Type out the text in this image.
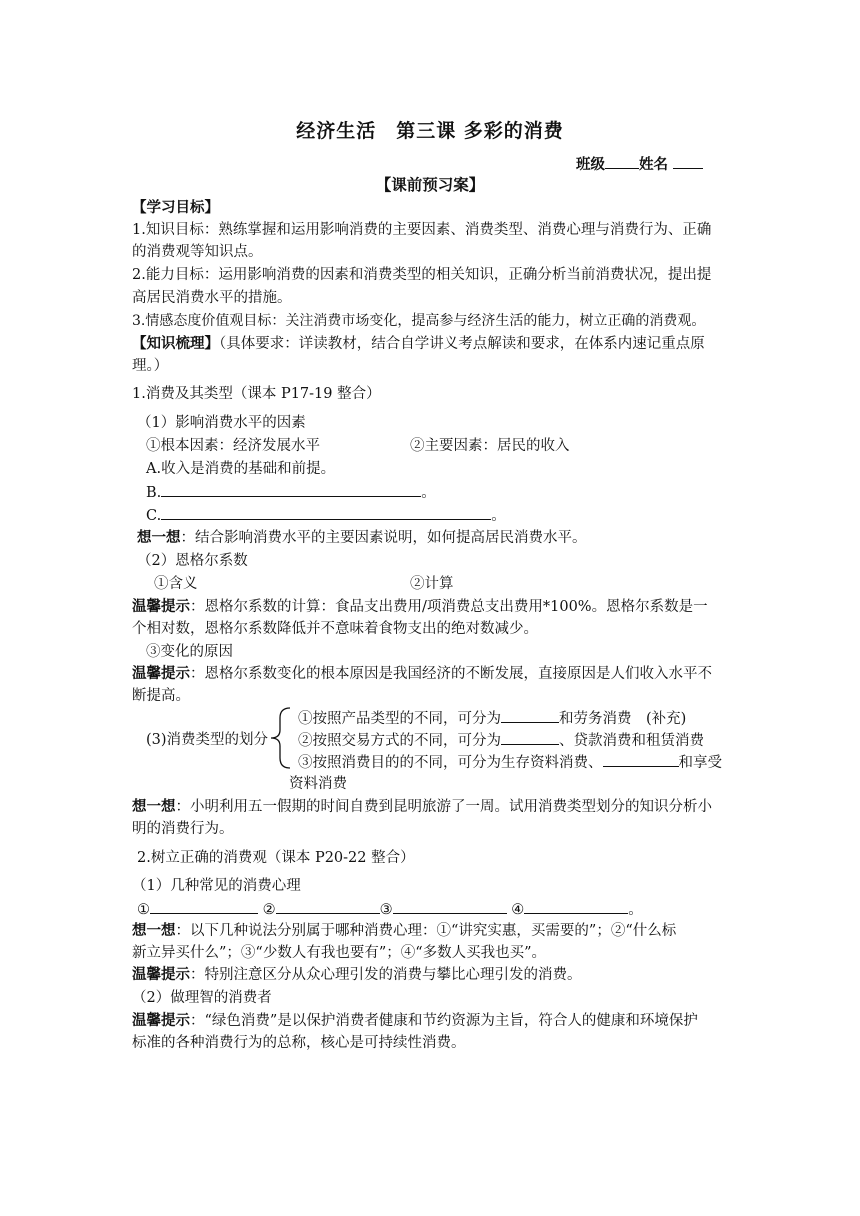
经济生活　第三课 多彩的消费
班级 姓名
【课前预习案】
【学习目标】
1.知识目标：熟练掌握和运用影响消费的主要因素、消费类型、消费心理与消费行为、正确
的消费观等知识点。
2.能力目标：运用影响消费的因素和消费类型的相关知识，正确分析当前消费状况，提出提
高居民消费水平的措施。
3.情感态度价值观目标：关注消费市场变化，提高参与经济生活的能力，树立正确的消费观。
【知识梳理】（具体要求：详读教材，结合自学讲义考点解读和要求，在体系内速记重点原
理。）
1.消费及其类型（课本 P17-19 整合）
（1）影响消费水平的因素
①根本因素：经济发展水平	②主要因素：居民的收入
A.收入是消费的基础和前提。
B.	。
C.	。
想一想：结合影响消费水平的主要因素说明，如何提高居民消费水平。
（2）恩格尔系数
①含义	②计算
温馨提示：恩格尔系数的计算：食品支出费用/项消费总支出费用*100%。恩格尔系数是一
个相对数，恩格尔系数降低并不意味着食物支出的绝对数减少。
③变化的原因
温馨提示：恩格尔系数变化的根本原因是我国经济的不断发展，直接原因是人们收入水平不
断提高。
(3)消费类型的划分
①按照产品类型的不同，可分为	和劳务消费　(补充)
②按照交易方式的不同，可分为	、贷款消费和租赁消费
③按照消费目的的不同，可分为生存资料消费、	和享受
资料消费
想一想：小明利用五一假期的时间自费到昆明旅游了一周。试用消费类型划分的知识分析小
明的消费行为。
2.树立正确的消费观（课本 P20-22 整合）
（1）几种常见的消费心理
①	②	③	④	。
想一想：以下几种说法分别属于哪种消费心理：①“讲究实惠，买需要的”；②“什么标
新立异买什么”；③“少数人有我也要有”；④“多数人买我也买”。
温馨提示：特别注意区分从众心理引发的消费与攀比心理引发的消费。
（2）做理智的消费者
温馨提示：“绿色消费”是以保护消费者健康和节约资源为主旨，符合人的健康和环境保护
标准的各种消费行为的总称，核心是可持续性消费。
